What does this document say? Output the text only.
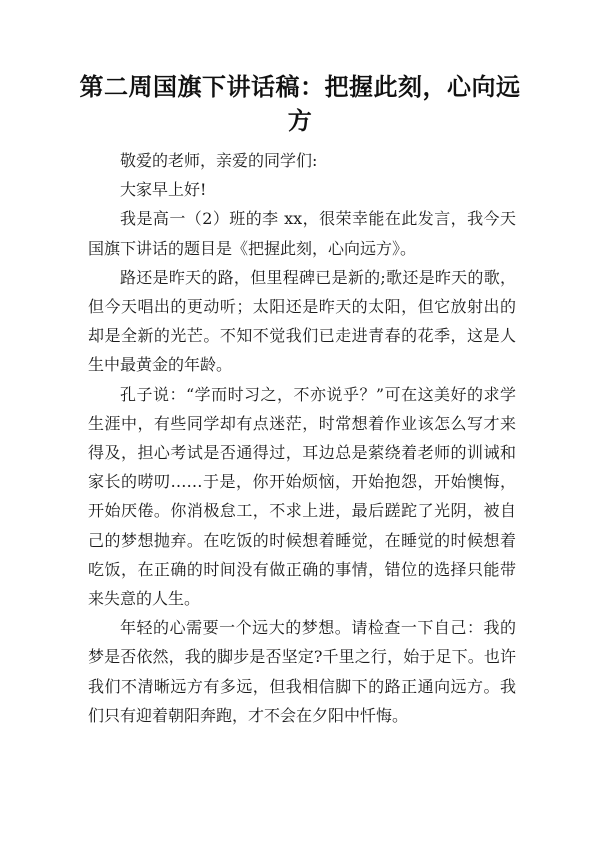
第二周国旗下讲话稿：把握此刻，心向远方

敬爱的老师，亲爱的同学们:

大家早上好!

我是高一（2）班的李 xx，很荣幸能在此发言，我今天国旗下讲话的题目是《把握此刻，心向远方》。

路还是昨天的路，但里程碑已是新的;歌还是昨天的歌，但今天唱出的更动听；太阳还是昨天的太阳，但它放射出的却是全新的光芒。不知不觉我们已走进青春的花季，这是人生中最黄金的年龄。

孔子说：“学而时习之，不亦说乎？”可在这美好的求学生涯中，有些同学却有点迷茫，时常想着作业该怎么写才来得及，担心考试是否通得过，耳边总是萦绕着老师的训诫和家长的唠叨……于是，你开始烦恼，开始抱怨，开始懊悔，开始厌倦。你消极怠工，不求上进，最后蹉跎了光阴，被自己的梦想抛弃。在吃饭的时候想着睡觉，在睡觉的时候想着吃饭，在正确的时间没有做正确的事情，错位的选择只能带来失意的人生。

年轻的心需要一个远大的梦想。请检查一下自己：我的梦是否依然，我的脚步是否坚定?千里之行，始于足下。也许我们不清晰远方有多远，但我相信脚下的路正通向远方。我们只有迎着朝阳奔跑，才不会在夕阳中忏悔。
